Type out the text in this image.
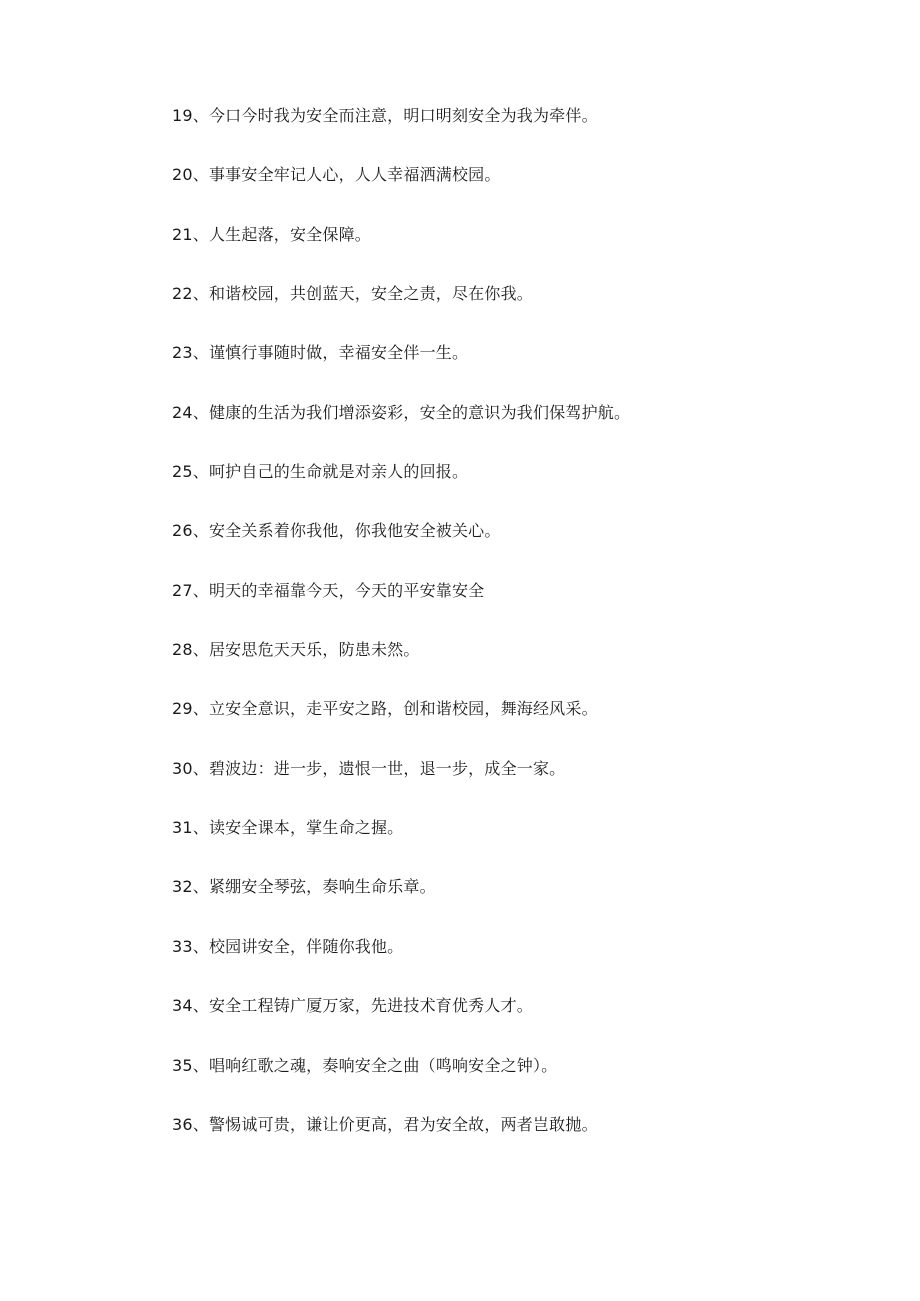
19、 今口今时我为安全而注意，明口明刻安全为我为牵伴。
20、 事事安全牢记人心，人人幸福洒满校园。
21、 人生起落，安全保障。
22、 和谐校园，共创蓝天，安全之责，尽在你我。
23、 谨慎行事随时做，幸福安全伴一生。
24、 健康的生活为我们增添姿彩，安全的意识为我们保驾护航。
25、 呵护自己的生命就是对亲人的回报。
26、 安全关系着你我他，你我他安全被关心。
27、 明天的幸福靠今天，今天的平安靠安全
28、 居安思危天天乐，防患未然。
29、 立安全意识，走平安之路，创和谐校园，舞海经风采。
30、 碧波边：进一步，遗恨一世，退一步，成全一家。
31、 读安全课本，掌生命之握。
32、 紧绷安全琴弦，奏响生命乐章。
33、 校园讲安全，伴随你我他。
34、 安全工程铸广厦万家，先进技术育优秀人才。
35、 唱响红歌之魂，奏响安全之曲（鸣响安全之钟）。
36、 警惕诚可贵，谦让价更高，君为安全故，两者岂敢抛。
